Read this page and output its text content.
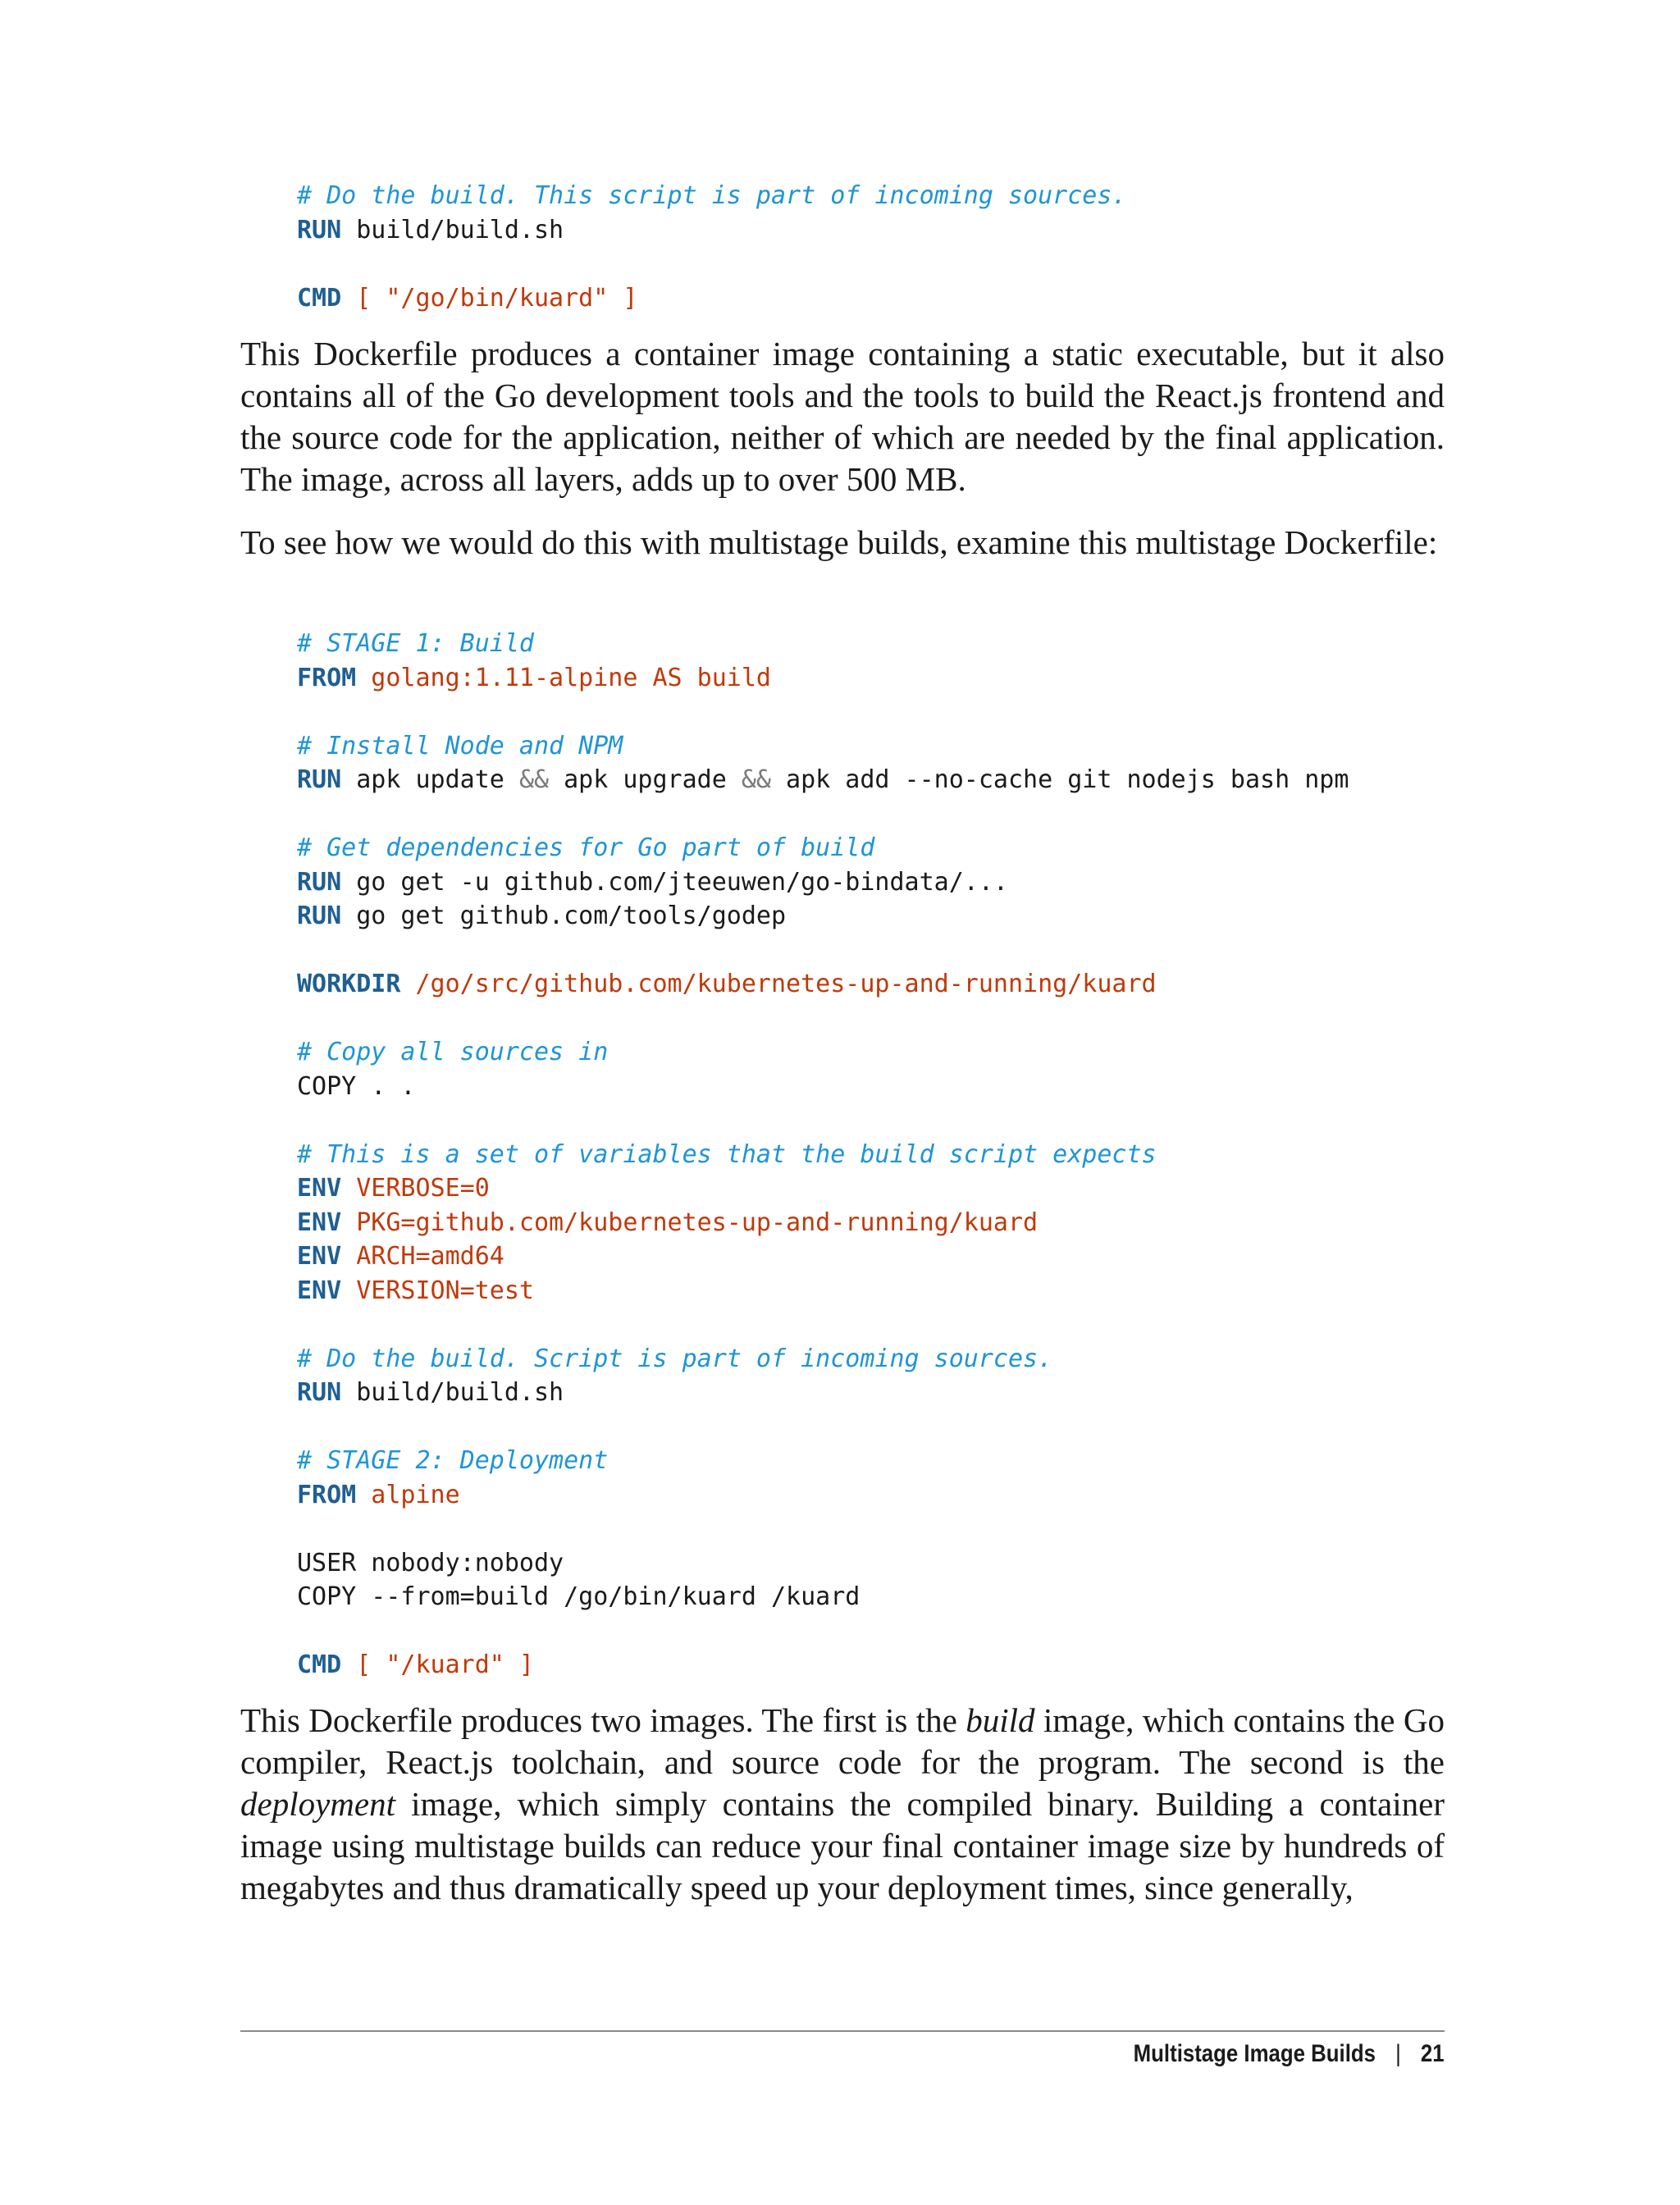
# Do the build. This script is part of incoming sources.
RUN build/build.sh
CMD [ "/go/bin/kuard" ]

This Dockerfile produces a container image containing a static executable, but it also contains all of the Go development tools and the tools to build the React.js frontend and the source code for the application, neither of which are needed by the final application. The image, across all layers, adds up to over 500 MB.

To see how we would do this with multistage builds, examine this multistage Dockerfile:

# STAGE 1: Build
FROM golang:1.11-alpine AS build
# Install Node and NPM
RUN apk update && apk upgrade && apk add --no-cache git nodejs bash npm
# Get dependencies for Go part of build
RUN go get -u github.com/jteeuwen/go-bindata/...
RUN go get github.com/tools/godep
WORKDIR /go/src/github.com/kubernetes-up-and-running/kuard
# Copy all sources in
COPY . .
# This is a set of variables that the build script expects
ENV VERBOSE=0
ENV PKG=github.com/kubernetes-up-and-running/kuard
ENV ARCH=amd64
ENV VERSION=test
# Do the build. Script is part of incoming sources.
RUN build/build.sh
# STAGE 2: Deployment
FROM alpine
USER nobody:nobody
COPY --from=build /go/bin/kuard /kuard
CMD [ "/kuard" ]

This Dockerfile produces two images. The first is the build image, which contains the Go compiler, React.js toolchain, and source code for the program. The second is the deployment image, which simply contains the compiled binary. Building a container image using multistage builds can reduce your final container image size by hundreds of megabytes and thus dramatically speed up your deployment times, since generally,

Multistage Image Builds | 21
